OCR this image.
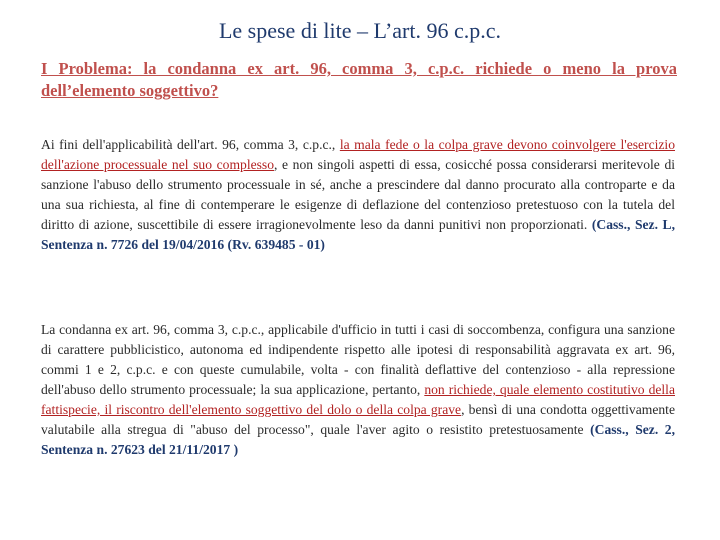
Le spese di lite – L’art. 96 c.p.c.
I Problema: la condanna ex art. 96, comma 3, c.p.c. richiede o meno la prova dell’elemento soggettivo?
Ai fini dell'applicabilità dell'art. 96, comma 3, c.p.c., la mala fede o la colpa grave devono coinvolgere l'esercizio dell'azione processuale nel suo complesso, e non singoli aspetti di essa, cosicché possa considerarsi meritevole di sanzione l'abuso dello strumento processuale in sé, anche a prescindere dal danno procurato alla controparte e da una sua richiesta, al fine di contemperare le esigenze di deflazione del contenzioso pretestuoso con la tutela del diritto di azione, suscettibile di essere irragionevolmente leso da danni punitivi non proporzionati. (Cass., Sez. L, Sentenza n. 7726 del 19/04/2016 (Rv. 639485 - 01)
La condanna ex art. 96, comma 3, c.p.c., applicabile d'ufficio in tutti i casi di soccombenza, configura una sanzione di carattere pubblicistico, autonoma ed indipendente rispetto alle ipotesi di responsabilità aggravata ex art. 96, commi 1 e 2, c.p.c. e con queste cumulabile, volta - con finalità deflattive del contenzioso - alla repressione dell'abuso dello strumento processuale; la sua applicazione, pertanto, non richiede, quale elemento costitutivo della fattispecie, il riscontro dell'elemento soggettivo del dolo o della colpa grave, bensì di una condotta oggettivamente valutabile alla stregua di "abuso del processo", quale l'aver agito o resistito pretestuosamente (Cass., Sez. 2, Sentenza n. 27623 del 21/11/2017 )
